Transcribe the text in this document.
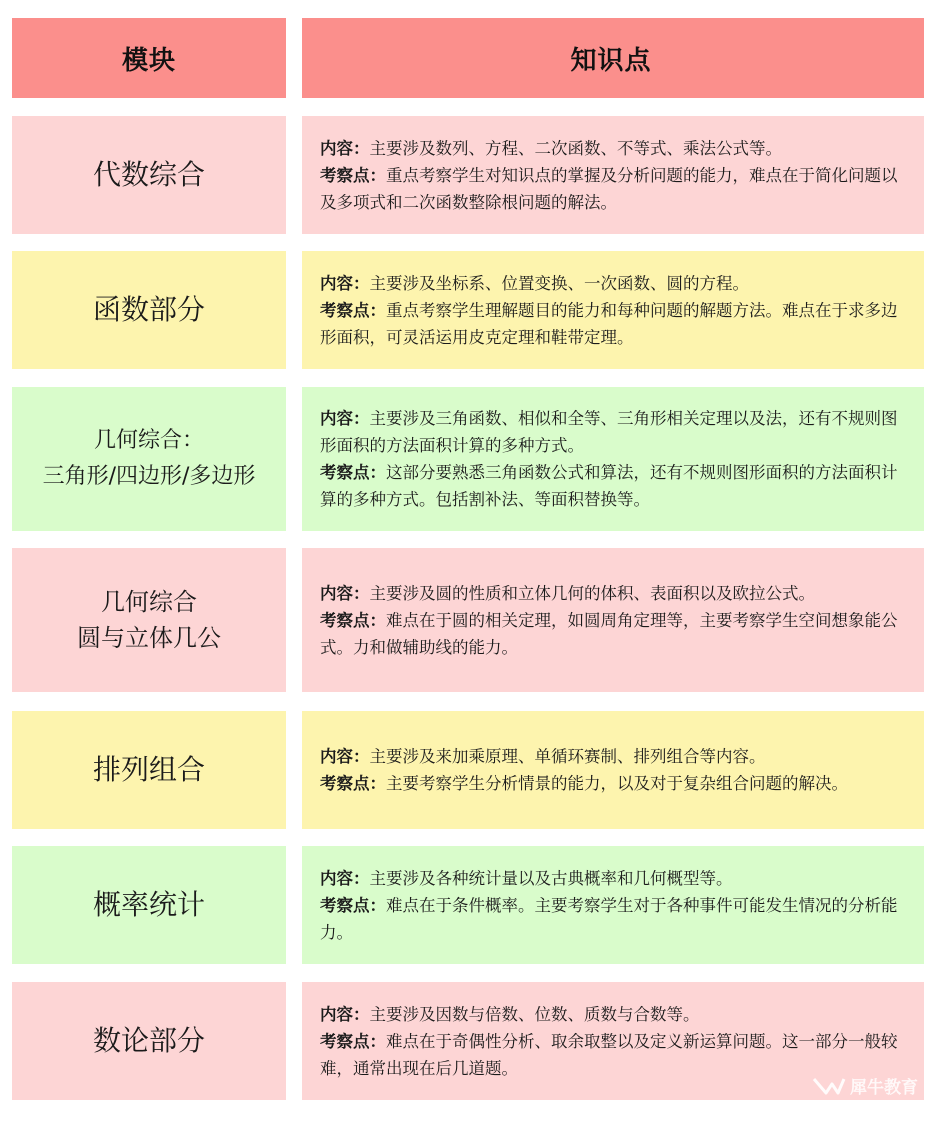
模块	知识点
代数综合
内容：主要涉及数列、方程、二次函数、不等式、乘法公式等。
考察点：重点考察学生对知识点的掌握及分析问题的能力，难点在于简化问题以及多项式和二次函数整除根问题的解法。
函数部分
内容：主要涉及坐标系、位置变换、一次函数、圆的方程。
考察点：重点考察学生理解题目的能力和每种问题的解题方法。难点在于求多边形面积，可灵活运用皮克定理和鞋带定理。
几何综合：
三角形/四边形/多边形
内容：主要涉及三角函数、相似和全等、三角形相关定理以及法，还有不规则图形面积的方法面积计算的多种方式。
考察点：这部分要熟悉三角函数公式和算法，还有不规则图形面积的方法面积计算的多种方式。包括割补法、等面积替换等。
几何综合
圆与立体几公
内容：主要涉及圆的性质和立体几何的体积、表面积以及欧拉公式。
考察点：难点在于圆的相关定理，如圆周角定理等，主要考察学生空间想象能公式。力和做辅助线的能力。
排列组合	内容：主要涉及来加乘原理、单循环赛制、排列组合等内容。
考察点：主要考察学生分析情景的能力，以及对于复杂组合问题的解决。
概率统计
内容：主要涉及各种统计量以及古典概率和几何概型等。
考察点：难点在于条件概率。主要考察学生对于各种事件可能发生情况的分析能力。
数论部分
内容：主要涉及因数与倍数、位数、质数与合数等。
考察点：难点在于奇偶性分析、取余取整以及定义新运算问题。这一部分一般较难，通常出现在后几道题。
犀牛教育
